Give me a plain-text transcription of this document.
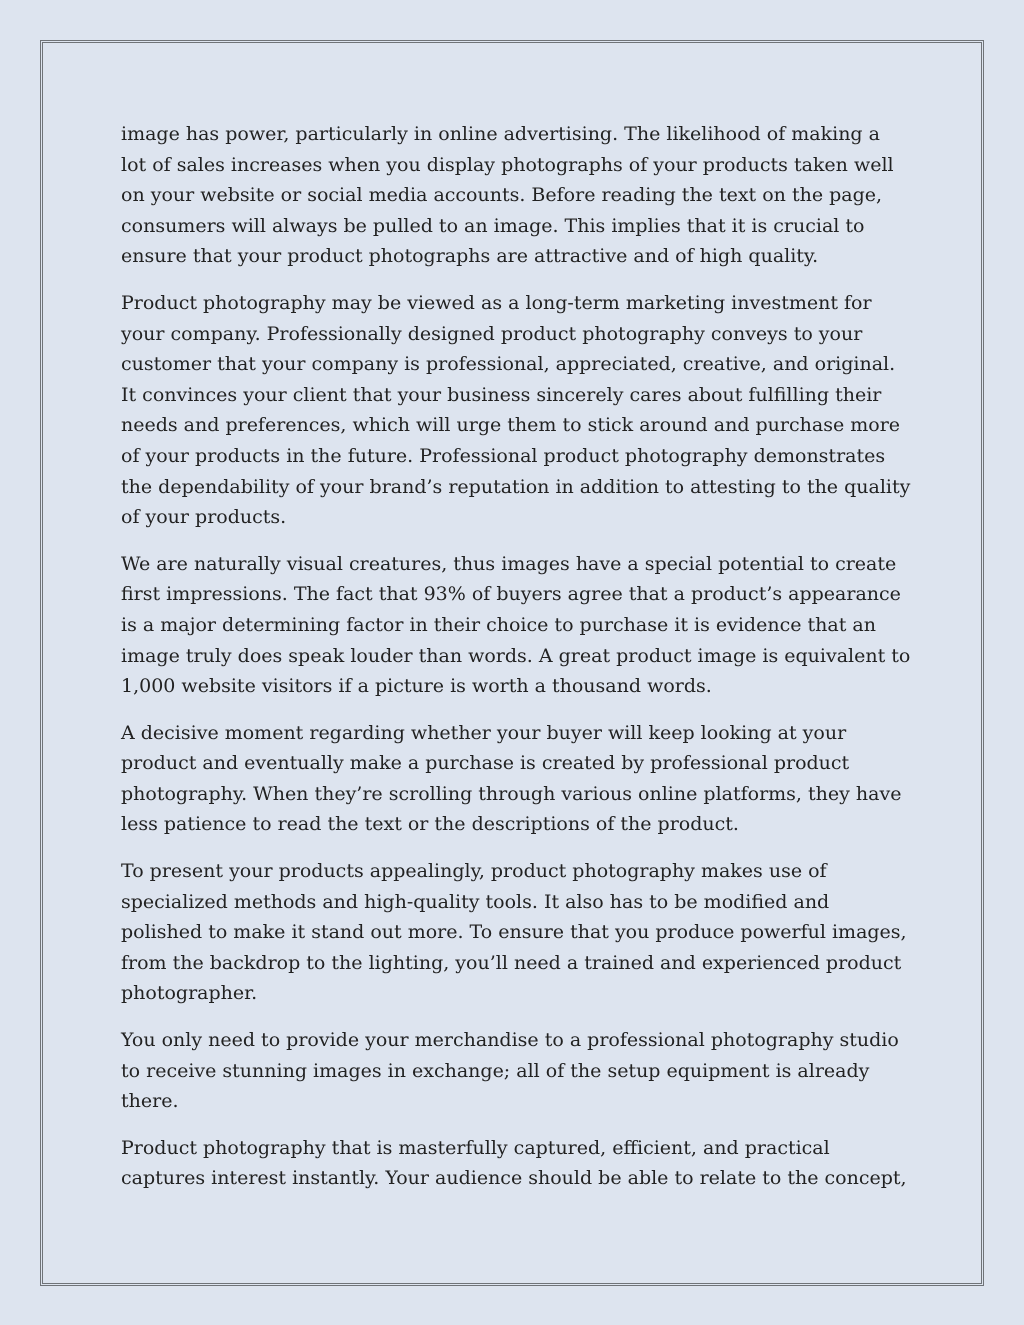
image has power, particularly in online advertising. The likelihood of making a lot of sales increases when you display photographs of your products taken well on your website or social media accounts. Before reading the text on the page, consumers will always be pulled to an image. This implies that it is crucial to ensure that your product photographs are attractive and of high quality.

Product photography may be viewed as a long-term marketing investment for your company. Professionally designed product photography conveys to your customer that your company is professional, appreciated, creative, and original. It convinces your client that your business sincerely cares about fulfilling their needs and preferences, which will urge them to stick around and purchase more of your products in the future. Professional product photography demonstrates the dependability of your brand’s reputation in addition to attesting to the quality of your products.

We are naturally visual creatures, thus images have a special potential to create first impressions. The fact that 93% of buyers agree that a product’s appearance is a major determining factor in their choice to purchase it is evidence that an image truly does speak louder than words. A great product image is equivalent to 1,000 website visitors if a picture is worth a thousand words.

A decisive moment regarding whether your buyer will keep looking at your product and eventually make a purchase is created by professional product photography. When they’re scrolling through various online platforms, they have less patience to read the text or the descriptions of the product.

To present your products appealingly, product photography makes use of specialized methods and high-quality tools. It also has to be modified and polished to make it stand out more. To ensure that you produce powerful images, from the backdrop to the lighting, you’ll need a trained and experienced product photographer.

You only need to provide your merchandise to a professional photography studio to receive stunning images in exchange; all of the setup equipment is already there.

Product photography that is masterfully captured, efficient, and practical captures interest instantly. Your audience should be able to relate to the concept,
